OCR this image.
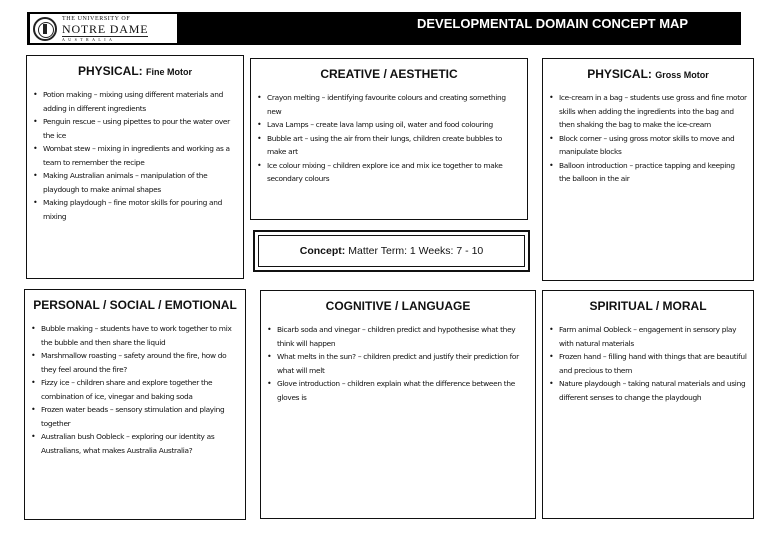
THE UNIVERSITY OF
NOTRE DAME
AUSTRALIA
DEVELOPMENTAL DOMAIN CONCEPT MAP
PHYSICAL: Fine Motor
• Potion making – mixing using different materials and adding in different ingredients
• Penguin rescue – using pipettes to pour the water over the ice
• Wombat stew – mixing in ingredients and working as a team to remember the recipe
• Making Australian animals – manipulation of the playdough to make animal shapes
• Making playdough – fine motor skills for pouring and mixing
CREATIVE / AESTHETIC
• Crayon melting – identifying favourite colours and creating something new
• Lava Lamps – create lava lamp using oil, water and food colouring
• Bubble art – using the air from their lungs, children create bubbles to make art
• Ice colour mixing – children explore ice and mix ice together to make secondary colours
PHYSICAL: Gross Motor
• Ice-cream in a bag – students use gross and fine motor skills when adding the ingredients into the bag and then shaking the bag to make the ice-cream
• Block corner – using gross motor skills to move and manipulate blocks
• Balloon introduction – practice tapping and keeping the balloon in the air
Concept: Matter Term: 1 Weeks: 7 - 10
PERSONAL / SOCIAL / EMOTIONAL
• Bubble making – students have to work together to mix the bubble and then share the liquid
• Marshmallow roasting – safety around the fire, how do they feel around the fire?
• Fizzy ice – children share and explore together the combination of ice, vinegar and baking soda
• Frozen water beads – sensory stimulation and playing together
• Australian bush Oobleck – exploring our identity as Australians, what makes Australia Australia?
COGNITIVE / LANGUAGE
• Bicarb soda and vinegar – children predict and hypothesise what they think will happen
• What melts in the sun? – children predict and justify their prediction for what will melt
• Glove introduction – children explain what the difference between the gloves is
SPIRITUAL / MORAL
• Farm animal Oobleck – engagement in sensory play with natural materials
• Frozen hand – filling hand with things that are beautiful and precious to them
• Nature playdough – taking natural materials and using different senses to change the playdough
